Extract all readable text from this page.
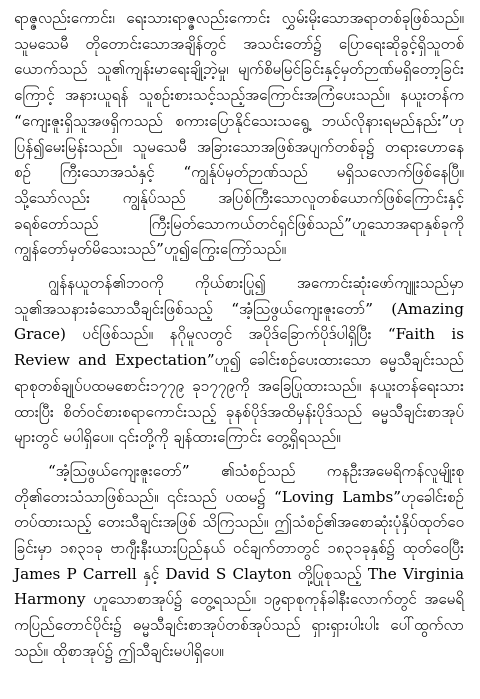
ရာဇ္ဇလည်းကောင်း၊ ရေးသားရာဇ္ဇလည်းကောင်း လွှမ်းမိုးသောအရာတစ်ခုဖြစ်သည်။ သူမသေမီ တိုတောင်းသောအချိန်တွင် အသင်းတော်၌ ပြောရေးဆိုခွင့်ရှိသူတစ်ယောက်သည် သူ၏ကျန်းမာရေးချို့ဘဲ့မှု၊ မျက်စိမမြင်ခြင်းနှင့်မှတ်ဉာဏ်မရှိတော့ခြင်းကြောင့် အနားယူရန် သူစဉ်းစားသင့်သည့်အကြောင်းအကြံပေးသည်။ နယူးတန်က “ကျေးဇူးရှိသူအဖရှိကသည် စကားပြောနိုင်သေးသရွေ့ ဘယ်လိုနားရမည်နည်း”ဟု ပြန်၍မေးမြန်းသည်။ သူမသေမီ အခြားသောအဖြစ်အပျက်တစ်ခု၌ တရားဟောနေစဉ် ကြီးသောအသံနှင့် “ကျွန်ုပ်မှတ်ဉာဏ်သည် မရှိသလောက်ဖြစ်နေပြီ။ သို့သော်လည်း ကျွန်ုပ်သည် အပြစ်ကြီးသောလူတစ်ယောက်ဖြစ်ကြောင်းနှင့် ခရစ်တော်သည် ကြီးမြတ်သောကယ်တင်ရှင်ဖြစ်သည်”ဟူသောအရာနှစ်ခုကို ကျွန်တော်မှတ်မိသေးသည်”ဟူ၍ကြွေးကြော်သည်။

ဂျွန်နယူတန်၏ဘဝကို ကိုယ်စားပြု၍ အကောင်းဆုံးဖော်ကျူးသည်မှာ သူ၏အသနားခံသောသီချင်းဖြစ်သည့် “အံ့သြဖွယ်ကျေးဇူးတော်” (Amazing Grace) ပင်ဖြစ်သည်။ နဂိုမူလတွင် အပိုဒ်ခြောက်ပိုဒ်ပါရှိပြီး “Faith is Review and Expectation”ဟူ၍ ခေါင်းစဉ်ပေးထားသော ဓမ္မသီချင်းသည် ရာစုတစ်ချုပ်ပထမစောင်း၁၇၇၉ ခု၁၇၇၉ကို အခြေပြုထားသည်။ နယူးတန်ရေးသားထားပြီး စိတ်ဝင်စားစရာကောင်းသည့် ခုနစ်ပိုဒ်အထိမှန်းပိုဒ်သည် ဓမ္မသီချင်းစာအုပ်များတွင် မပါရှိပေ။ ၎င်းတို့ကို ချန်ထားကြောင်း တွေ့ရှိရသည်။

“အံ့သြဖွယ်ကျေးဇူးတော်” ၏သံစဉ်သည် ကနဦးအမေရိကန်လူမျိုးစုတို၏တေးသံသာဖြစ်သည်။ ၎င်းသည် ပထမ၌ “Loving Lambs”ဟုခေါင်းစဉ်တပ်ထားသည့် တေးသီချင်းအဖြစ် သိကြသည်။ ဤသံစဉ်၏အစောဆုံးပုံနှိပ်ထုတ်ဝေခြင်းမှာ ၁၈၃၁ခု ဗာဂျီးနီးယားပြည်နယ် ဝင်ချက်တာတွင် ၁၈၃၁ခုနှစ်၌ ထုတ်ဝေပြီး James P Carrell နှင့် David S Clayton တို့ပြုစုသည့် The Virginia Harmony ဟူသောစာအုပ်၌ တွေ့ရသည်။ ၁၉ရာစုကုန်ခါနီးလောက်တွင် အမေရိကပြည်တောင်ပိုင်း၌ ဓမ္မသီချင်းစာအုပ်တစ်အုပ်သည် ရှားရှားပါးပါး ပေါ်ထွက်လာသည်။ ထိုစာအုပ်၌ ဤသီချင်းမပါရှိပေ။
